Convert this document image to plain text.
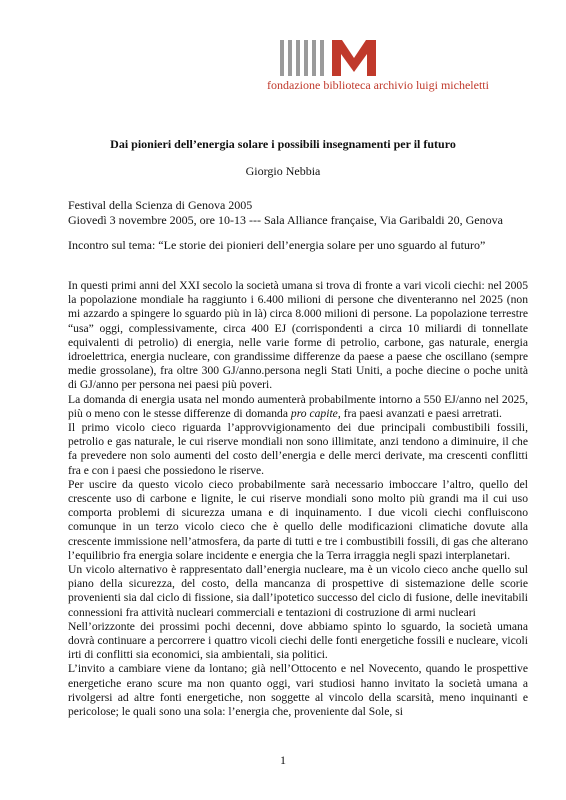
fondazione biblioteca archivio luigi micheletti
Dai pionieri dell’energia solare i possibili insegnamenti per il futuro
Giorgio Nebbia
Festival della Scienza di Genova 2005
Giovedì 3 novembre 2005, ore 10-13 --- Sala Alliance française, Via Garibaldi 20, Genova
Incontro sul tema: “Le storie dei pionieri dell’energia solare per uno sguardo al futuro”

In questi primi anni del XXI secolo la società umana si trova di fronte a vari vicoli ciechi: nel 2005 la popolazione mondiale ha raggiunto i 6.400 milioni di persone che diventeranno nel 2025 (non mi azzardo a spingere lo sguardo più in là) circa 8.000 milioni di persone. La popolazione terrestre “usa” oggi, complessivamente, circa 400 EJ (corrispondenti a circa 10 miliardi di tonnellate equivalenti di petrolio) di energia, nelle varie forme di petrolio, carbone, gas naturale, energia idroelettrica, energia nucleare, con grandissime differenze da paese a paese che oscillano (sempre medie grossolane), fra oltre 300 GJ/anno.persona negli Stati Uniti, a poche diecine o poche unità di GJ/anno per persona nei paesi più poveri.

La domanda di energia usata nel mondo aumenterà probabilmente intorno a 550 EJ/anno nel 2025, più o meno con le stesse differenze di domanda pro capite, fra paesi avanzati e paesi arretrati.

Il primo vicolo cieco riguarda l’approvvigionamento dei due principali combustibili fossili, petrolio e gas naturale, le cui riserve mondiali non sono illimitate, anzi tendono a diminuire, il che fa prevedere non solo aumenti del costo dell’energia e delle merci derivate, ma crescenti conflitti fra e con i paesi che possiedono le riserve.

Per uscire da questo vicolo cieco probabilmente sarà necessario imboccare l’altro, quello del crescente uso di carbone e lignite, le cui riserve mondiali sono molto più grandi ma il cui uso comporta problemi di sicurezza umana e di inquinamento. I due vicoli ciechi confluiscono comunque in un terzo vicolo cieco che è quello delle modificazioni climatiche dovute alla crescente immissione nell’atmosfera, da parte di tutti e tre i combustibili fossili, di gas che alterano l’equilibrio fra energia solare incidente e energia che la Terra irraggia negli spazi interplanetari.

Un vicolo alternativo è rappresentato dall’energia nucleare, ma è un vicolo cieco anche quello sul piano della sicurezza, del costo, della mancanza di prospettive di sistemazione delle scorie provenienti sia dal ciclo di fissione, sia dall’ipotetico successo del ciclo di fusione, delle inevitabili connessioni fra attività nucleari commerciali e tentazioni di costruzione di armi nucleari

Nell’orizzonte dei prossimi pochi decenni, dove abbiamo spinto lo sguardo, la società umana dovrà continuare a percorrere i quattro vicoli ciechi delle fonti energetiche fossili e nucleare, vicoli irti di conflitti sia economici, sia ambientali, sia politici.

L’invito a cambiare viene da lontano; già nell’Ottocento e nel Novecento, quando le prospettive energetiche erano scure ma non quanto oggi, vari studiosi hanno invitato la società umana a rivolgersi ad altre fonti energetiche, non soggette al vincolo della scarsità, meno inquinanti e pericolose; le quali sono una sola: l’energia che, proveniente dal Sole, si

1
